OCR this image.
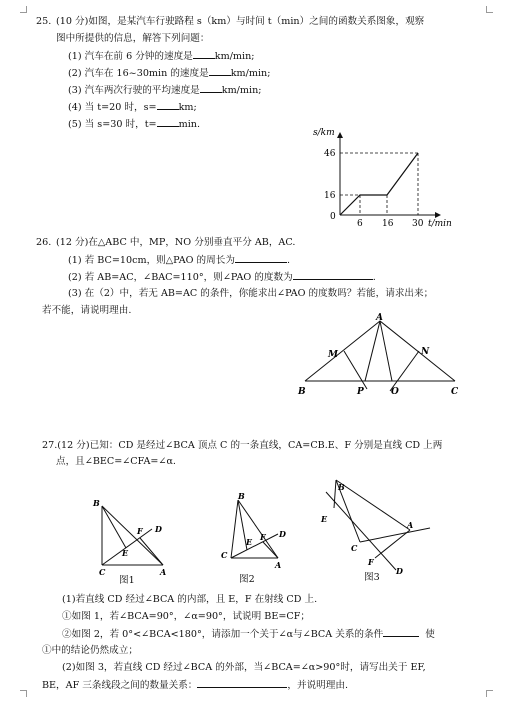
25. (10 分)如图，是某汽车行驶路程 s（km）与时间 t（min）之间的函数关系图象，观察
图中所提供的信息，解答下列问题：
(1) 汽车在前 6 分钟的速度是 km/min;
(2) 汽车在 16~30min 的速度是 km/min;
(3) 汽车两次行驶的平均速度是 km/min;
(4) 当 t=20 时，s= km;
(5) 当 s=30 时，t= min.
s/km
46
16
0
6 16 30 t/min
26. (12 分)在△ABC 中，MP，NO 分别垂直平分 AB，AC.
(1) 若 BC=10cm，则△PAO 的周长为	.
(2) 若 AB=AC，∠BAC=110°，则∠PAO 的度数为	.
(3) 在（2）中，若无 AB=AC 的条件，你能求出∠PAO 的度数吗？若能，请求出来；
若不能，请说明理由.
A
M	N
B	P	O	C
27.(12 分)已知：CD 是经过∠BCA 顶点 C 的一条直线，CA=CB.E、F 分别是直线 CD 上两
点，且∠BEC=∠CFA=∠α.
B
F D
E
C	A
图1
B
F D
E
C
A
图2
B
E
A
C
F
D
图3
(1)若直线 CD 经过∠BCA 的内部，且 E，F 在射线 CD 上.
①如图 1，若∠BCA=90°，∠α=90°，试说明 BE=CF；
②如图 2，若 0°<∠BCA<180°，请添加一个关于∠α与∠BCA 关系的条件	使
①中的结论仍然成立；
(2)如图 3，若直线 CD 经过∠BCA 的外部，当∠BCA=∠α>90°时，请写出关于 EF,
BE，AF 三条线段之间的数量关系：	，并说明理由.
